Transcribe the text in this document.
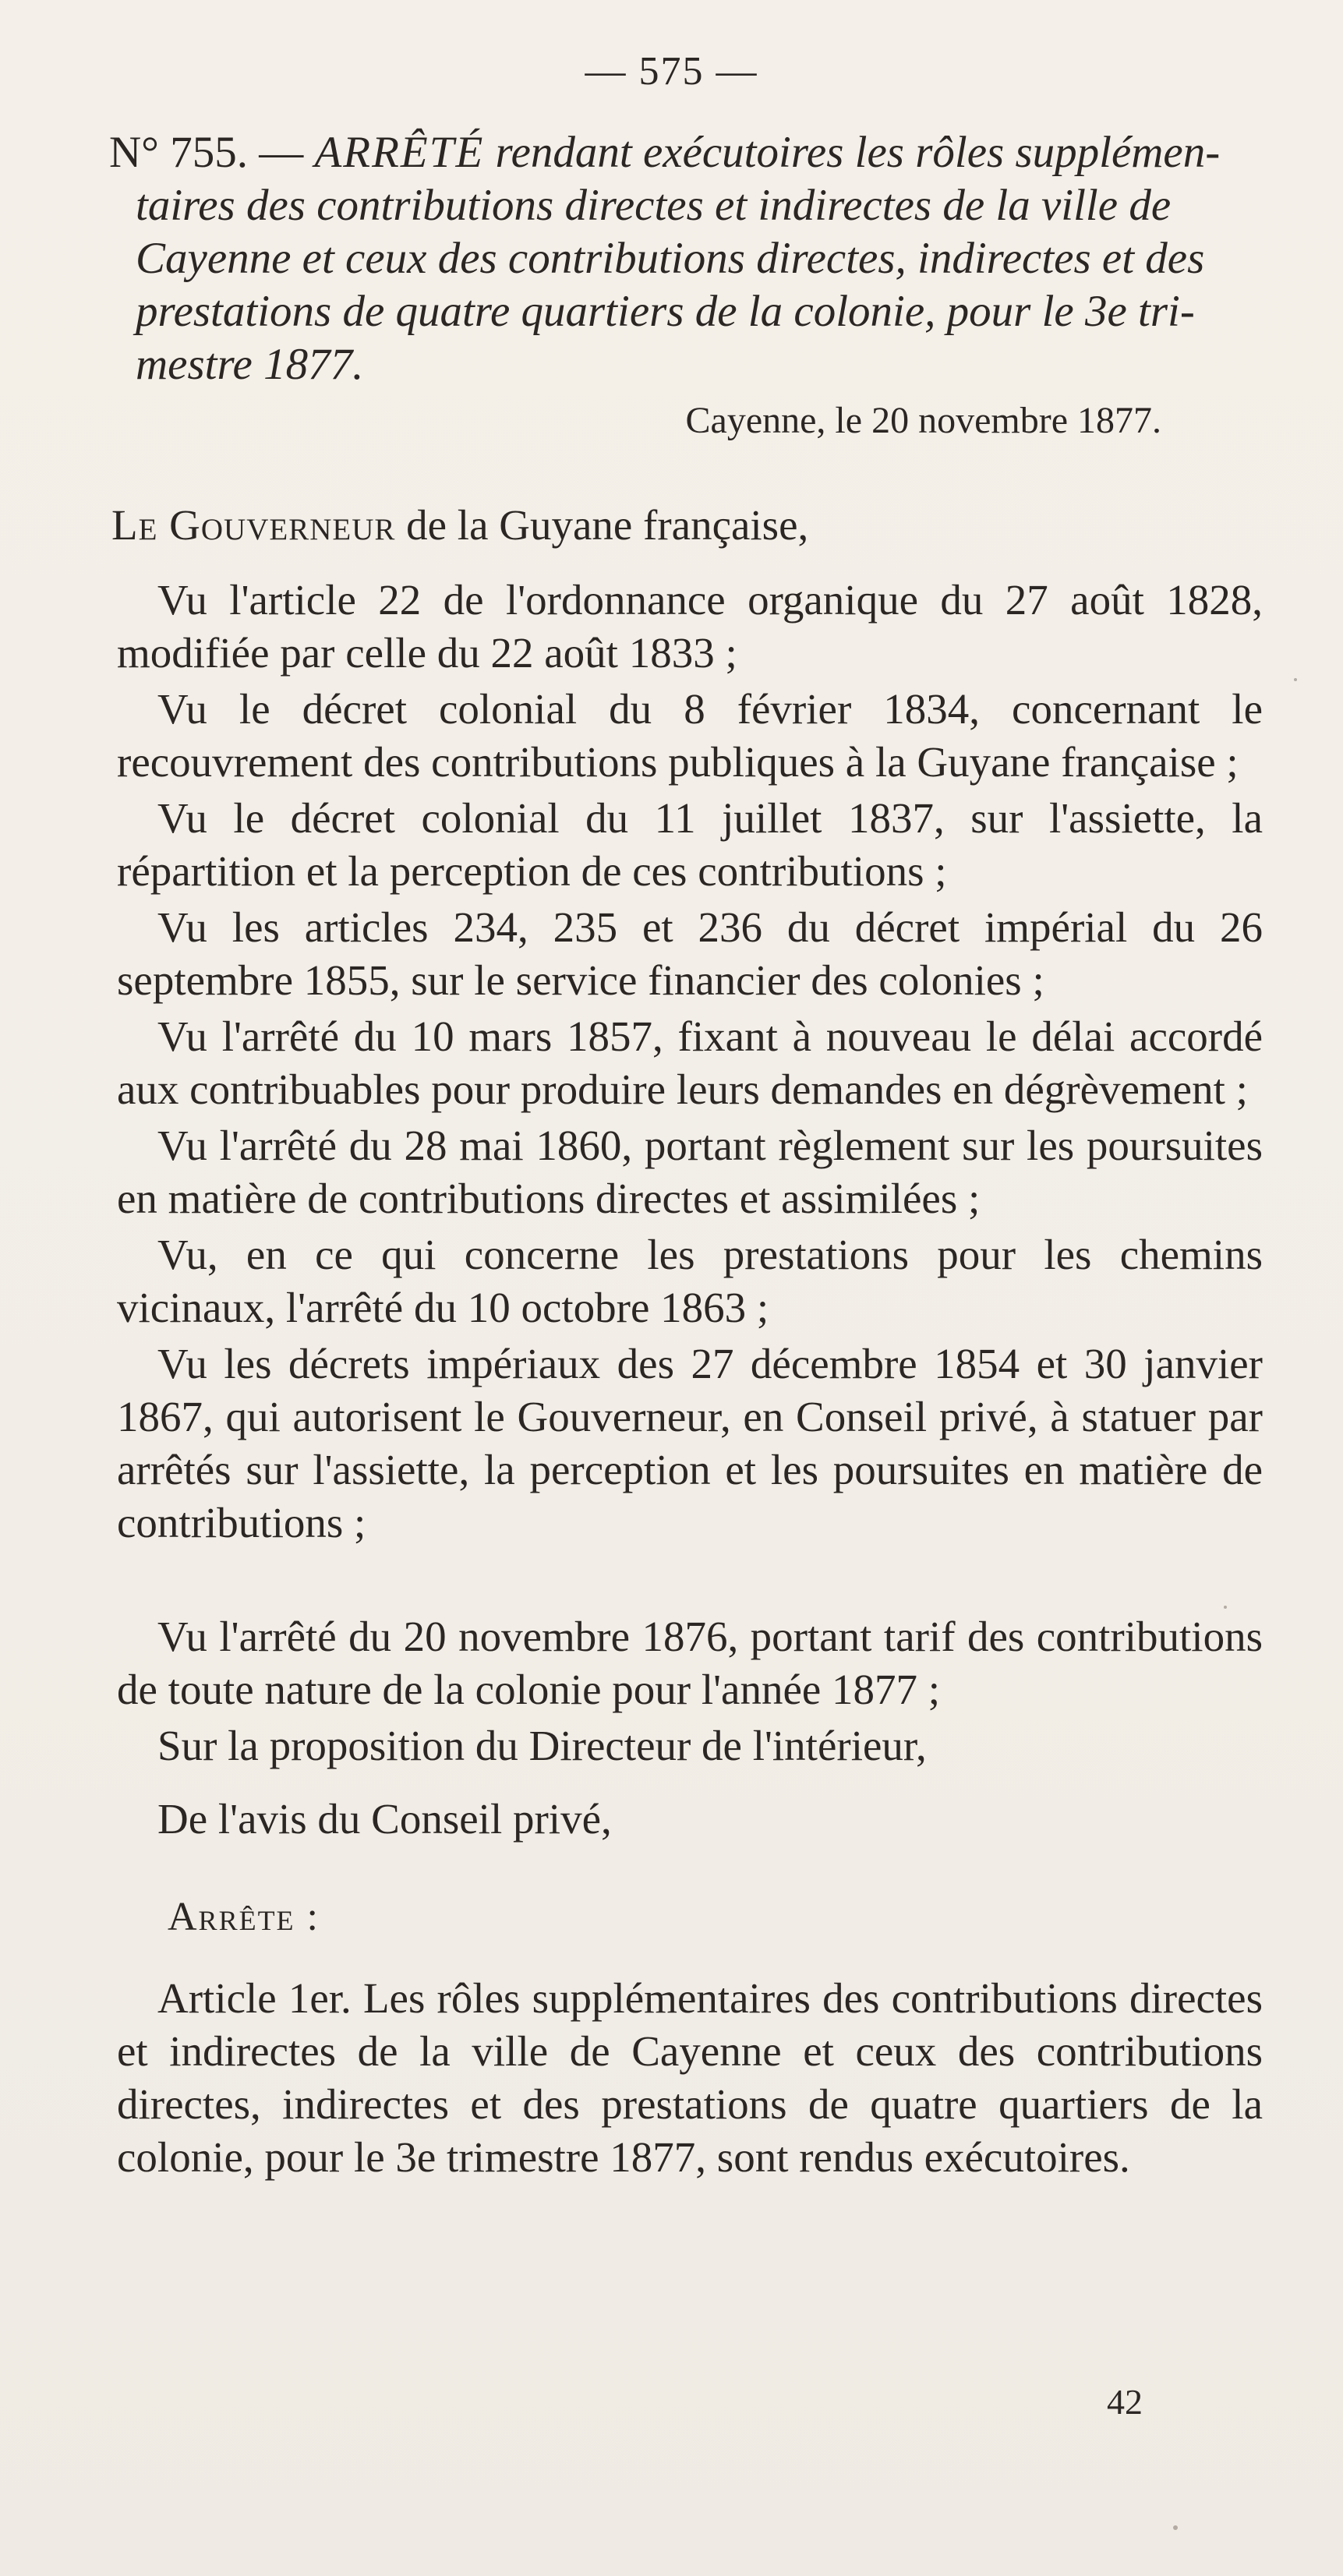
— 575 —
N° 755. — ARRÊTÉ rendant exécutoires les rôles supplémen-
taires des contributions directes et indirectes de la ville de
Cayenne et ceux des contributions directes, indirectes et des
prestations de quatre quartiers de la colonie, pour le 3e tri-
mestre 1877.
Cayenne, le 20 novembre 1877.
Le Gouverneur de la Guyane française,
Vu l'article 22 de l'ordonnance organique du 27 août 1828, modifiée par celle du 22 août 1833 ;
Vu le décret colonial du 8 février 1834, concernant le recouvrement des contributions publiques à la Guyane française ;
Vu le décret colonial du 11 juillet 1837, sur l'assiette, la répartition et la perception de ces contributions ;
Vu les articles 234, 235 et 236 du décret impérial du 26 septembre 1855, sur le service financier des colonies ;
Vu l'arrêté du 10 mars 1857, fixant à nouveau le délai accordé aux contribuables pour produire leurs demandes en dégrèvement ;
Vu l'arrêté du 28 mai 1860, portant règlement sur les poursuites en matière de contributions directes et assimilées ;
Vu, en ce qui concerne les prestations pour les chemins vicinaux, l'arrêté du 10 octobre 1863 ;
Vu les décrets impériaux des 27 décembre 1854 et 30 janvier 1867, qui autorisent le Gouverneur, en Conseil privé, à statuer par arrêtés sur l'assiette, la perception et les poursuites en matière de contributions ;
Vu l'arrêté du 20 novembre 1876, portant tarif des contributions de toute nature de la colonie pour l'année 1877 ;
Sur la proposition du Directeur de l'intérieur,
De l'avis du Conseil privé,
Arrête :
Article 1er. Les rôles supplémentaires des contributions directes et indirectes de la ville de Cayenne et ceux des contributions directes, indirectes et des prestations de quatre quartiers de la colonie, pour le 3e trimestre 1877, sont rendus exécutoires.
42
